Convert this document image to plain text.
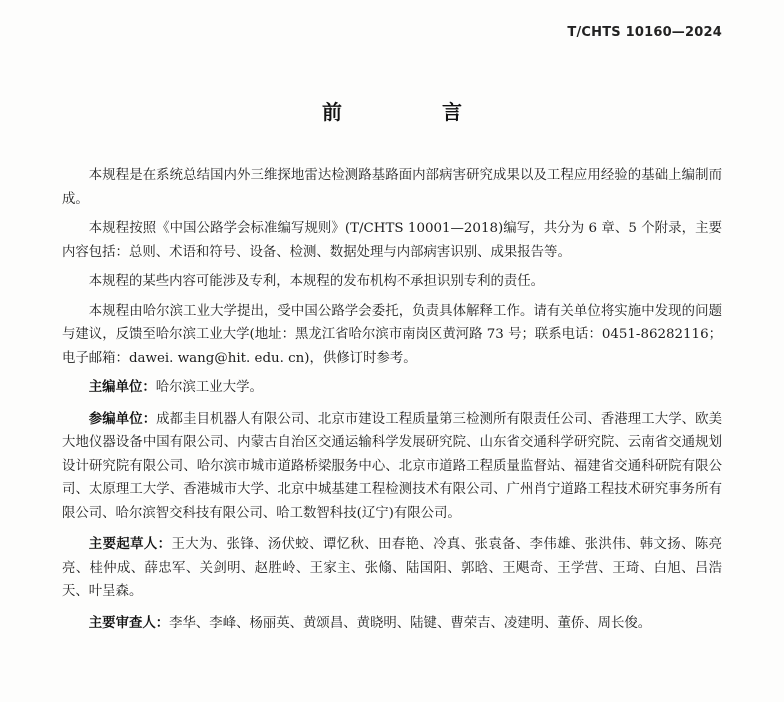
T/CHTS 10160—2024
前　言

本规程是在系统总结国内外三维探地雷达检测路基路面内部病害研究成果以及工程应用经验的基础上编制而成。

本规程按照《中国公路学会标准编写规则》(T/CHTS 10001—2018)编写，共分为 6 章、5 个附录，主要内容包括：总则、术语和符号、设备、检测、数据处理与内部病害识别、成果报告等。

本规程的某些内容可能涉及专利，本规程的发布机构不承担识别专利的责任。

本规程由哈尔滨工业大学提出，受中国公路学会委托，负责具体解释工作。请有关单位将实施中发现的问题与建议，反馈至哈尔滨工业大学(地址：黑龙江省哈尔滨市南岗区黄河路 73 号；联系电话：0451-86282116；电子邮箱：dawei. wang@hit. edu. cn)，供修订时参考。

主编单位：哈尔滨工业大学。

参编单位：成都圭目机器人有限公司、北京市建设工程质量第三检测所有限责任公司、香港理工大学、欧美大地仪器设备中国有限公司、内蒙古自治区交通运输科学发展研究院、山东省交通科学研究院、云南省交通规划设计研究院有限公司、哈尔滨市城市道路桥梁服务中心、北京市道路工程质量监督站、福建省交通科研院有限公司、太原理工大学、香港城市大学、北京中城基建工程检测技术有限公司、广州肖宁道路工程技术研究事务所有限公司、哈尔滨智交科技有限公司、哈工数智科技(辽宁)有限公司。

主要起草人：王大为、张锋、汤伏蛟、谭忆秋、田春艳、冷真、张袁备、李伟雄、张洪伟、韩文扬、陈亮亮、桂仲成、薛忠军、关剑明、赵胜岭、王家主、张翛、陆国阳、郭晗、王飓奇、王学营、王琦、白旭、吕浩天、叶呈森。

主要审查人：李华、李峰、杨丽英、黄颂昌、黄晓明、陆键、曹荣吉、凌建明、董侨、周长俊。
